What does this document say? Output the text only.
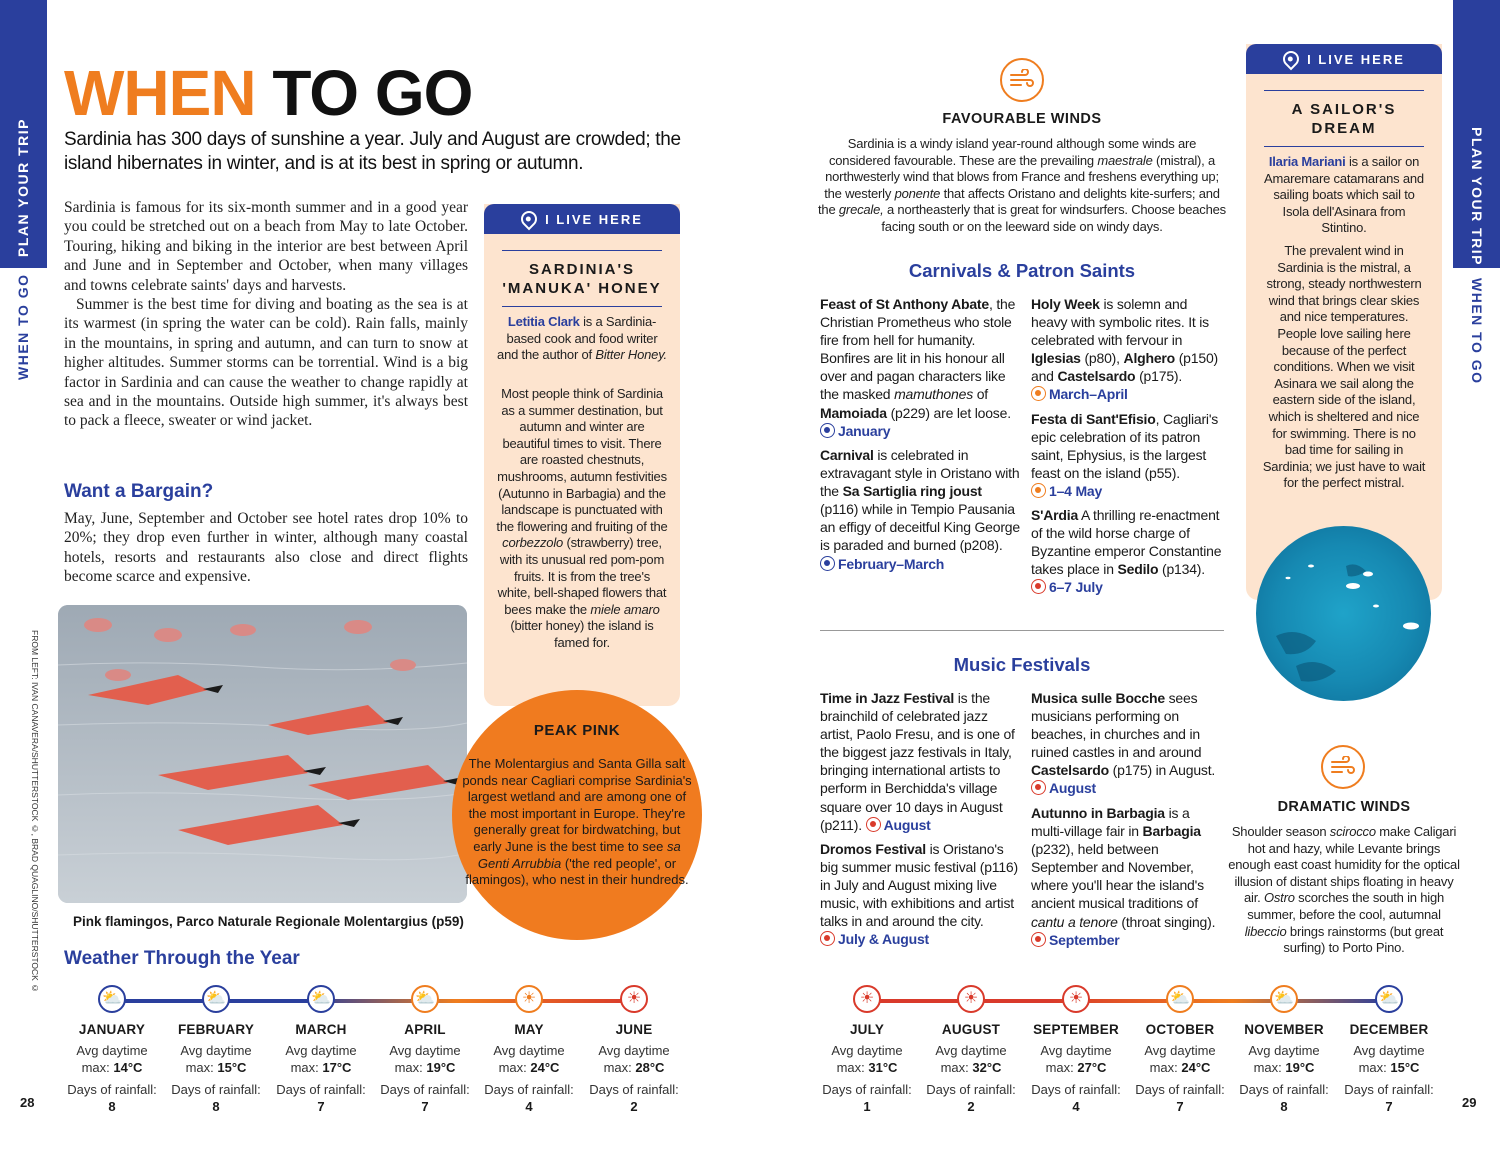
PLAN YOUR TRIP
WHEN TO GO
PLAN YOUR TRIP
WHEN TO GO
WHEN TO GO
Sardinia has 300 days of sunshine a year. July and August are crowded; the island hibernates in winter, and is at its best in spring or autumn.

Sardinia is famous for its six-month summer and in a good year you could be stretched out on a beach from May to late October. Touring, hiking and biking in the interior are best between April and June and in September and October, when many villages and towns celebrate saints' days and harvests.

Summer is the best time for diving and boating as the sea is at its warmest (in spring the water can be cold). Rain falls, mainly in the mountains, in spring and autumn, and can turn to snow at higher altitudes. Summer storms can be torrential. Wind is a big factor in Sardinia and can cause the weather to change rapidly at sea and in the mountains. Outside high summer, it's always best to pack a fleece, sweater or wind jacket.

Want a Bargain?
May, June, September and October see hotel rates drop 10% to 20%; they drop even further in winter, although many coastal hotels, resorts and restaurants also close and direct flights become scarce and expensive.
I LIVE HERE
SARDINIA'S
'MANUKA' HONEY
Letitia Clark is a Sardinia-based cook and food writer and the author of Bitter Honey.
Most people think of Sardinia as a summer destination, but autumn and winter are beautiful times to visit. There are roasted chestnuts, mushrooms, autumn festivities (Autunno in Barbagia) and the landscape is punctuated with the flowering and fruiting of the corbezzolo (strawberry) tree, with its unusual red pom-pom fruits. It is from the tree's white, bell-shaped flowers that bees make the miele amaro (bitter honey) the island is famed for.
FROM LEFT: IVAN CANAVERA/SHUTTERSTOCK ©, BRAD QUAGLINO/SHUTTERSTOCK © Pink flamingos, Parco Naturale Regionale Molentargius (p59)
PEAK PINK
The Molentargius and Santa Gilla salt ponds near Cagliari comprise Sardinia's largest wetland and are among one of the most important in Europe. They're generally great for birdwatching, but early June is the best time to see sa Genti Arrubbia ('the red people', or flamingos), who nest in their hundreds.
FAVOURABLE WINDS
Sardinia is a windy island year-round although some winds are considered favourable. These are the prevailing maestrale (mistral), a northwesterly wind that blows from France and freshens everything up; the westerly ponente that affects Oristano and delights kite-surfers; and the grecale, a northeasterly that is great for windsurfers. Choose beaches facing south or on the leeward side on windy days.
Carnivals & Patron Saints
Feast of St Anthony Abate, the Christian Prometheus who stole fire from hell for humanity. Bonfires are lit in his honour all over and pagan characters like the masked mamuthones of Mamoiada (p229) are let loose. January
Carnival is celebrated in extravagant style in Oristano with the Sa Sartiglia ring joust (p116) while in Tempio Pausania an effigy of deceitful King George is paraded and burned (p208). February–March
Holy Week is solemn and heavy with symbolic rites. It is celebrated with fervour in Iglesias (p80), Alghero (p150) and Castelsardo (p175). March–April
Festa di Sant'Efisio, Cagliari's epic celebration of its patron saint, Ephysius, is the largest feast on the island (p55). 1–4 May
S'Ardia A thrilling re-enactment of the wild horse charge of Byzantine emperor Constantine takes place in Sedilo (p134). 6–7 July
Music Festivals
Time in Jazz Festival is the brainchild of celebrated jazz artist, Paolo Fresu, and is one of the biggest jazz festivals in Italy, bringing international artists to perform in Berchidda's village square over 10 days in August (p211). August
Dromos Festival is Oristano's big summer music festival (p116) in July and August mixing live music, with exhibitions and artist talks in and around the city. July & August
Musica sulle Bocche sees musicians performing on beaches, in churches and in ruined castles in and around Castelsardo (p175) in August. August
Autunno in Barbagia is a multi-village fair in Barbagia (p232), held between September and November, where you'll hear the island's ancient musical traditions of cantu a tenore (throat singing). September
I LIVE HERE
A SAILOR'S
DREAM
Ilaria Mariani is a sailor on Amaremare catamarans and sailing boats which sail to Isola dell'Asinara from Stintino.
The prevalent wind in Sardinia is the mistral, a strong, steady northwestern wind that brings clear skies and nice temperatures. People love sailing here because of the perfect conditions. When we visit Asinara we sail along the eastern side of the island, which is sheltered and nice for swimming. There is no bad time for sailing in Sardinia; we just have to wait for the perfect mistral.
DRAMATIC WINDS
Shoulder season scirocco make Caligari hot and hazy, while Levante brings enough east coast humidity for the optical illusion of distant ships floating in heavy air. Ostro scorches the south in high summer, before the cool, autumnal libeccio brings rainstorms (but great surfing) to Porto Pino.
Weather Through the Year
⛅
JANUARY
Avg daytime
max: 14°C
Days of rainfall:
8
⛅
FEBRUARY
Avg daytime
max: 15°C
Days of rainfall:
8
⛅
MARCH
Avg daytime
max: 17°C
Days of rainfall:
7
⛅
APRIL
Avg daytime
max: 19°C
Days of rainfall:
7
☀
MAY
Avg daytime
max: 24°C
Days of rainfall:
4
☀
JUNE
Avg daytime
max: 28°C
Days of rainfall:
2
☀
JULY
Avg daytime
max: 31°C
Days of rainfall:
1
☀
AUGUST
Avg daytime
max: 32°C
Days of rainfall:
2
☀
SEPTEMBER
Avg daytime
max: 27°C
Days of rainfall:
4
⛅
OCTOBER
Avg daytime
max: 24°C
Days of rainfall:
7
⛅
NOVEMBER
Avg daytime
max: 19°C
Days of rainfall:
8
⛅
DECEMBER
Avg daytime
max: 15°C
Days of rainfall:
7
28	29
